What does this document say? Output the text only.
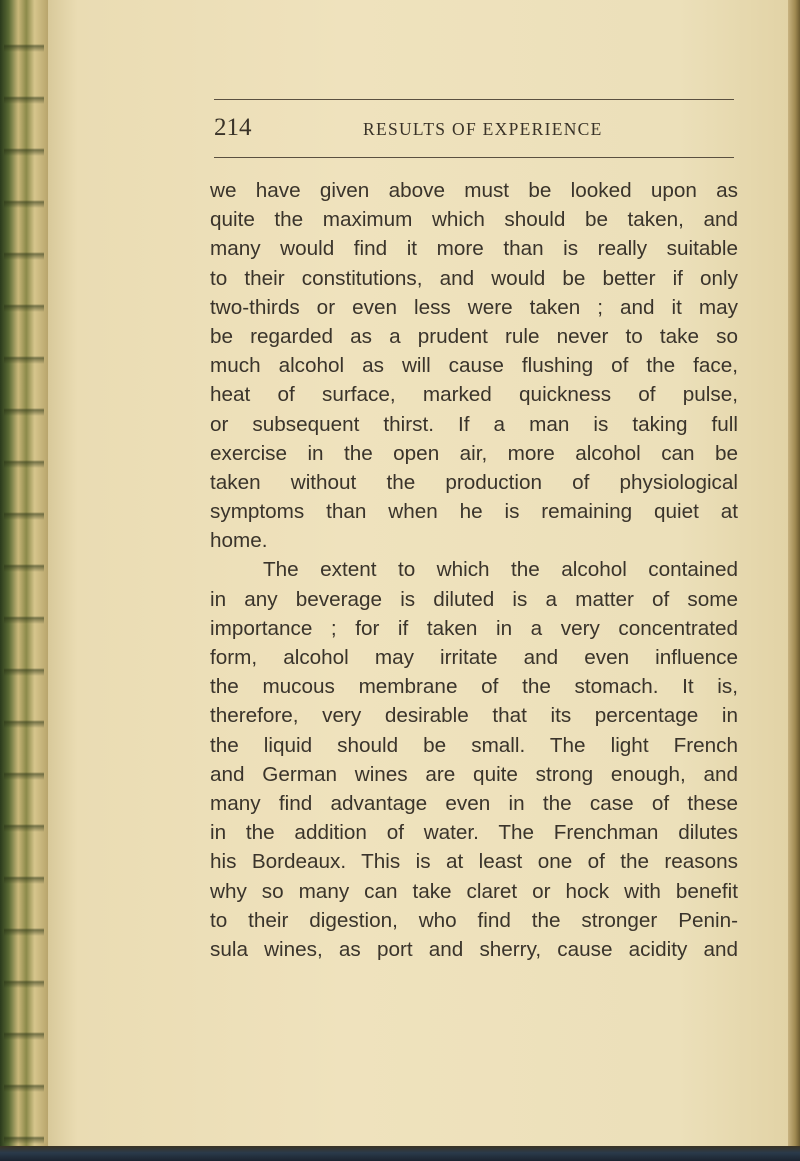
214	RESULTS OF EXPERIENCE
we have given above must be looked upon as
quite the maximum which should be taken, and
many would find it more than is really suitable
to their constitutions, and would be better if only
two-thirds or even less were taken ; and it may
be regarded as a prudent rule never to take so
much alcohol as will cause flushing of the face,
heat of surface, marked quickness of pulse,
or subsequent thirst. If a man is taking full
exercise in the open air, more alcohol can be
taken without the production of physiological
symptoms than when he is remaining quiet at
home.
The extent to which the alcohol contained
in any beverage is diluted is a matter of some
importance ; for if taken in a very concentrated
form, alcohol may irritate and even influence
the mucous membrane of the stomach. It is,
therefore, very desirable that its percentage in
the liquid should be small. The light French
and German wines are quite strong enough, and
many find advantage even in the case of these
in the addition of water. The Frenchman dilutes
his Bordeaux. This is at least one of the reasons
why so many can take claret or hock with benefit
to their digestion, who find the stronger Penin-
sula wines, as port and sherry, cause acidity and
